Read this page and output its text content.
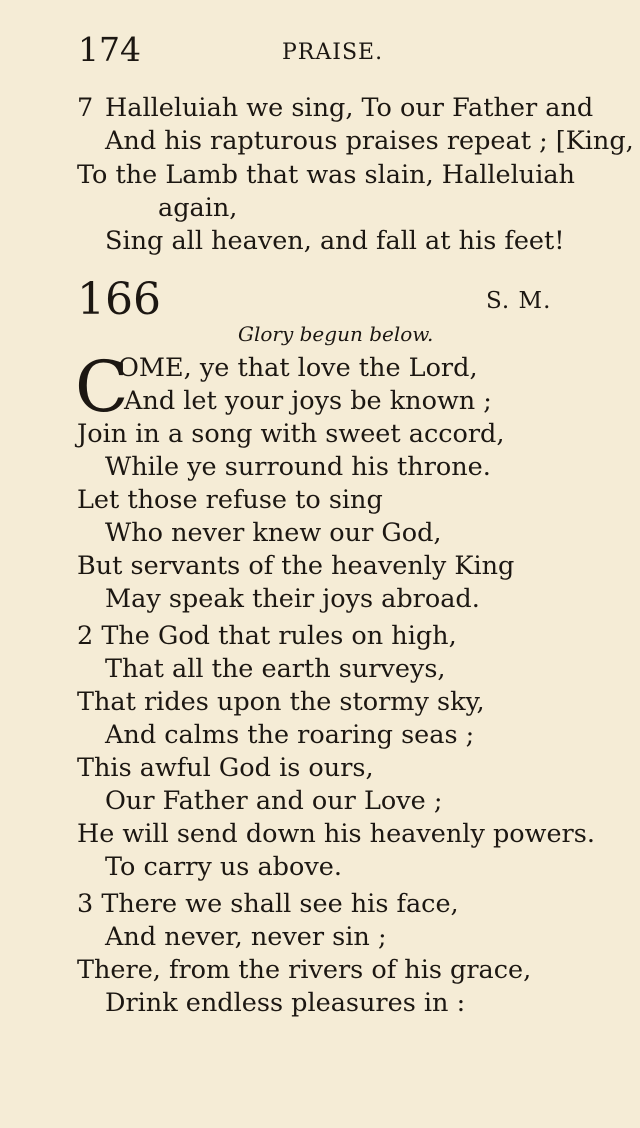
174	PRAISE.
7 Halleluiah we sing, To our Father and
And his rapturous praises repeat ; [King,
To the Lamb that was slain, Halleluiah
again,
Sing all heaven, and fall at his feet!
166	S. M.
Glory begun below.
C
OME, ye that love the Lord,
And let your joys be known ;
Join in a song with sweet accord,
While ye surround his throne.
Let those refuse to sing
Who never knew our God,
But servants of the heavenly King
May speak their joys abroad.
2 The God that rules on high,
That all the earth surveys,
That rides upon the stormy sky,
And calms the roaring seas ;
This awful God is ours,
Our Father and our Love ;
He will send down his heavenly powers.
To carry us above.
3 There we shall see his face,
And never, never sin ;
There, from the rivers of his grace,
Drink endless pleasures in :
